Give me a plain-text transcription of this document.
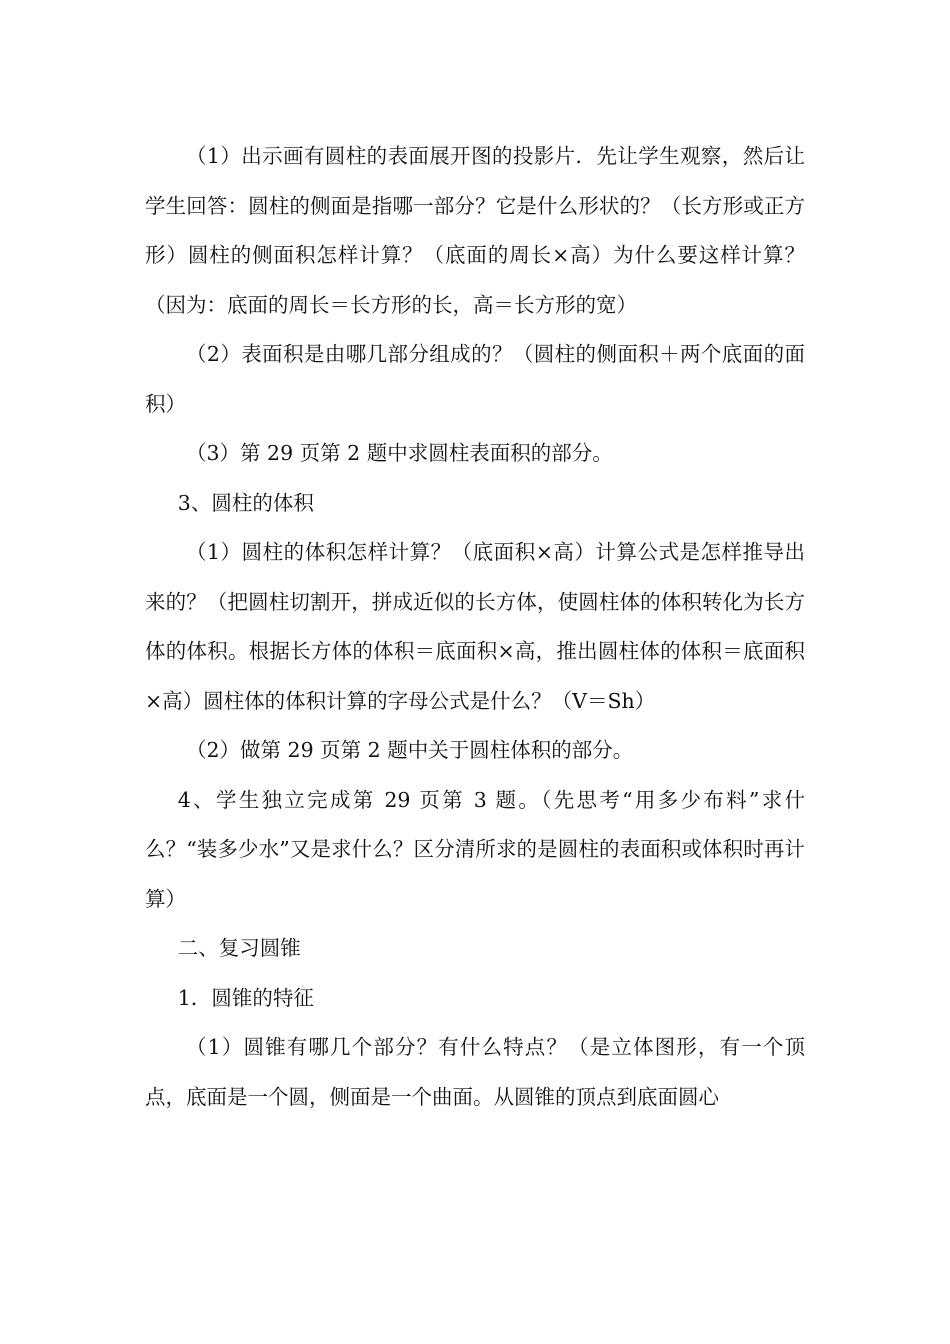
（1）出示画有圆柱的表面展开图的投影片．先让学生观察，然后让学生回答：圆柱的侧面是指哪一部分？它是什么形状的？（长方形或正方形）圆柱的侧面积怎样计算？（底面的周长×高）为什么要这样计算？（因为：底面的周长＝长方形的长，高＝长方形的宽）

（2）表面积是由哪几部分组成的？（圆柱的侧面积＋两个底面的面积）

（3）第 29 页第 2 题中求圆柱表面积的部分。

3、圆柱的体积

（1）圆柱的体积怎样计算？（底面积×高）计算公式是怎样推导出来的？（把圆柱切割开，拼成近似的长方体，使圆柱体的体积转化为长方体的体积。根据长方体的体积＝底面积×高，推出圆柱体的体积＝底面积×高）圆柱体的体积计算的字母公式是什么？（V＝Sh）

（2）做第 29 页第 2 题中关于圆柱体积的部分。

4、学生独立完成第 29 页第 3 题。（先思考“用多少布料”求什么？“装多少水”又是求什么？区分清所求的是圆柱的表面积或体积时再计算）

二、复习圆锥

1．圆锥的特征

（1）圆锥有哪几个部分？有什么特点？（是立体图形，有一个顶点，底面是一个圆，侧面是一个曲面。从圆锥的顶点到底面圆心
